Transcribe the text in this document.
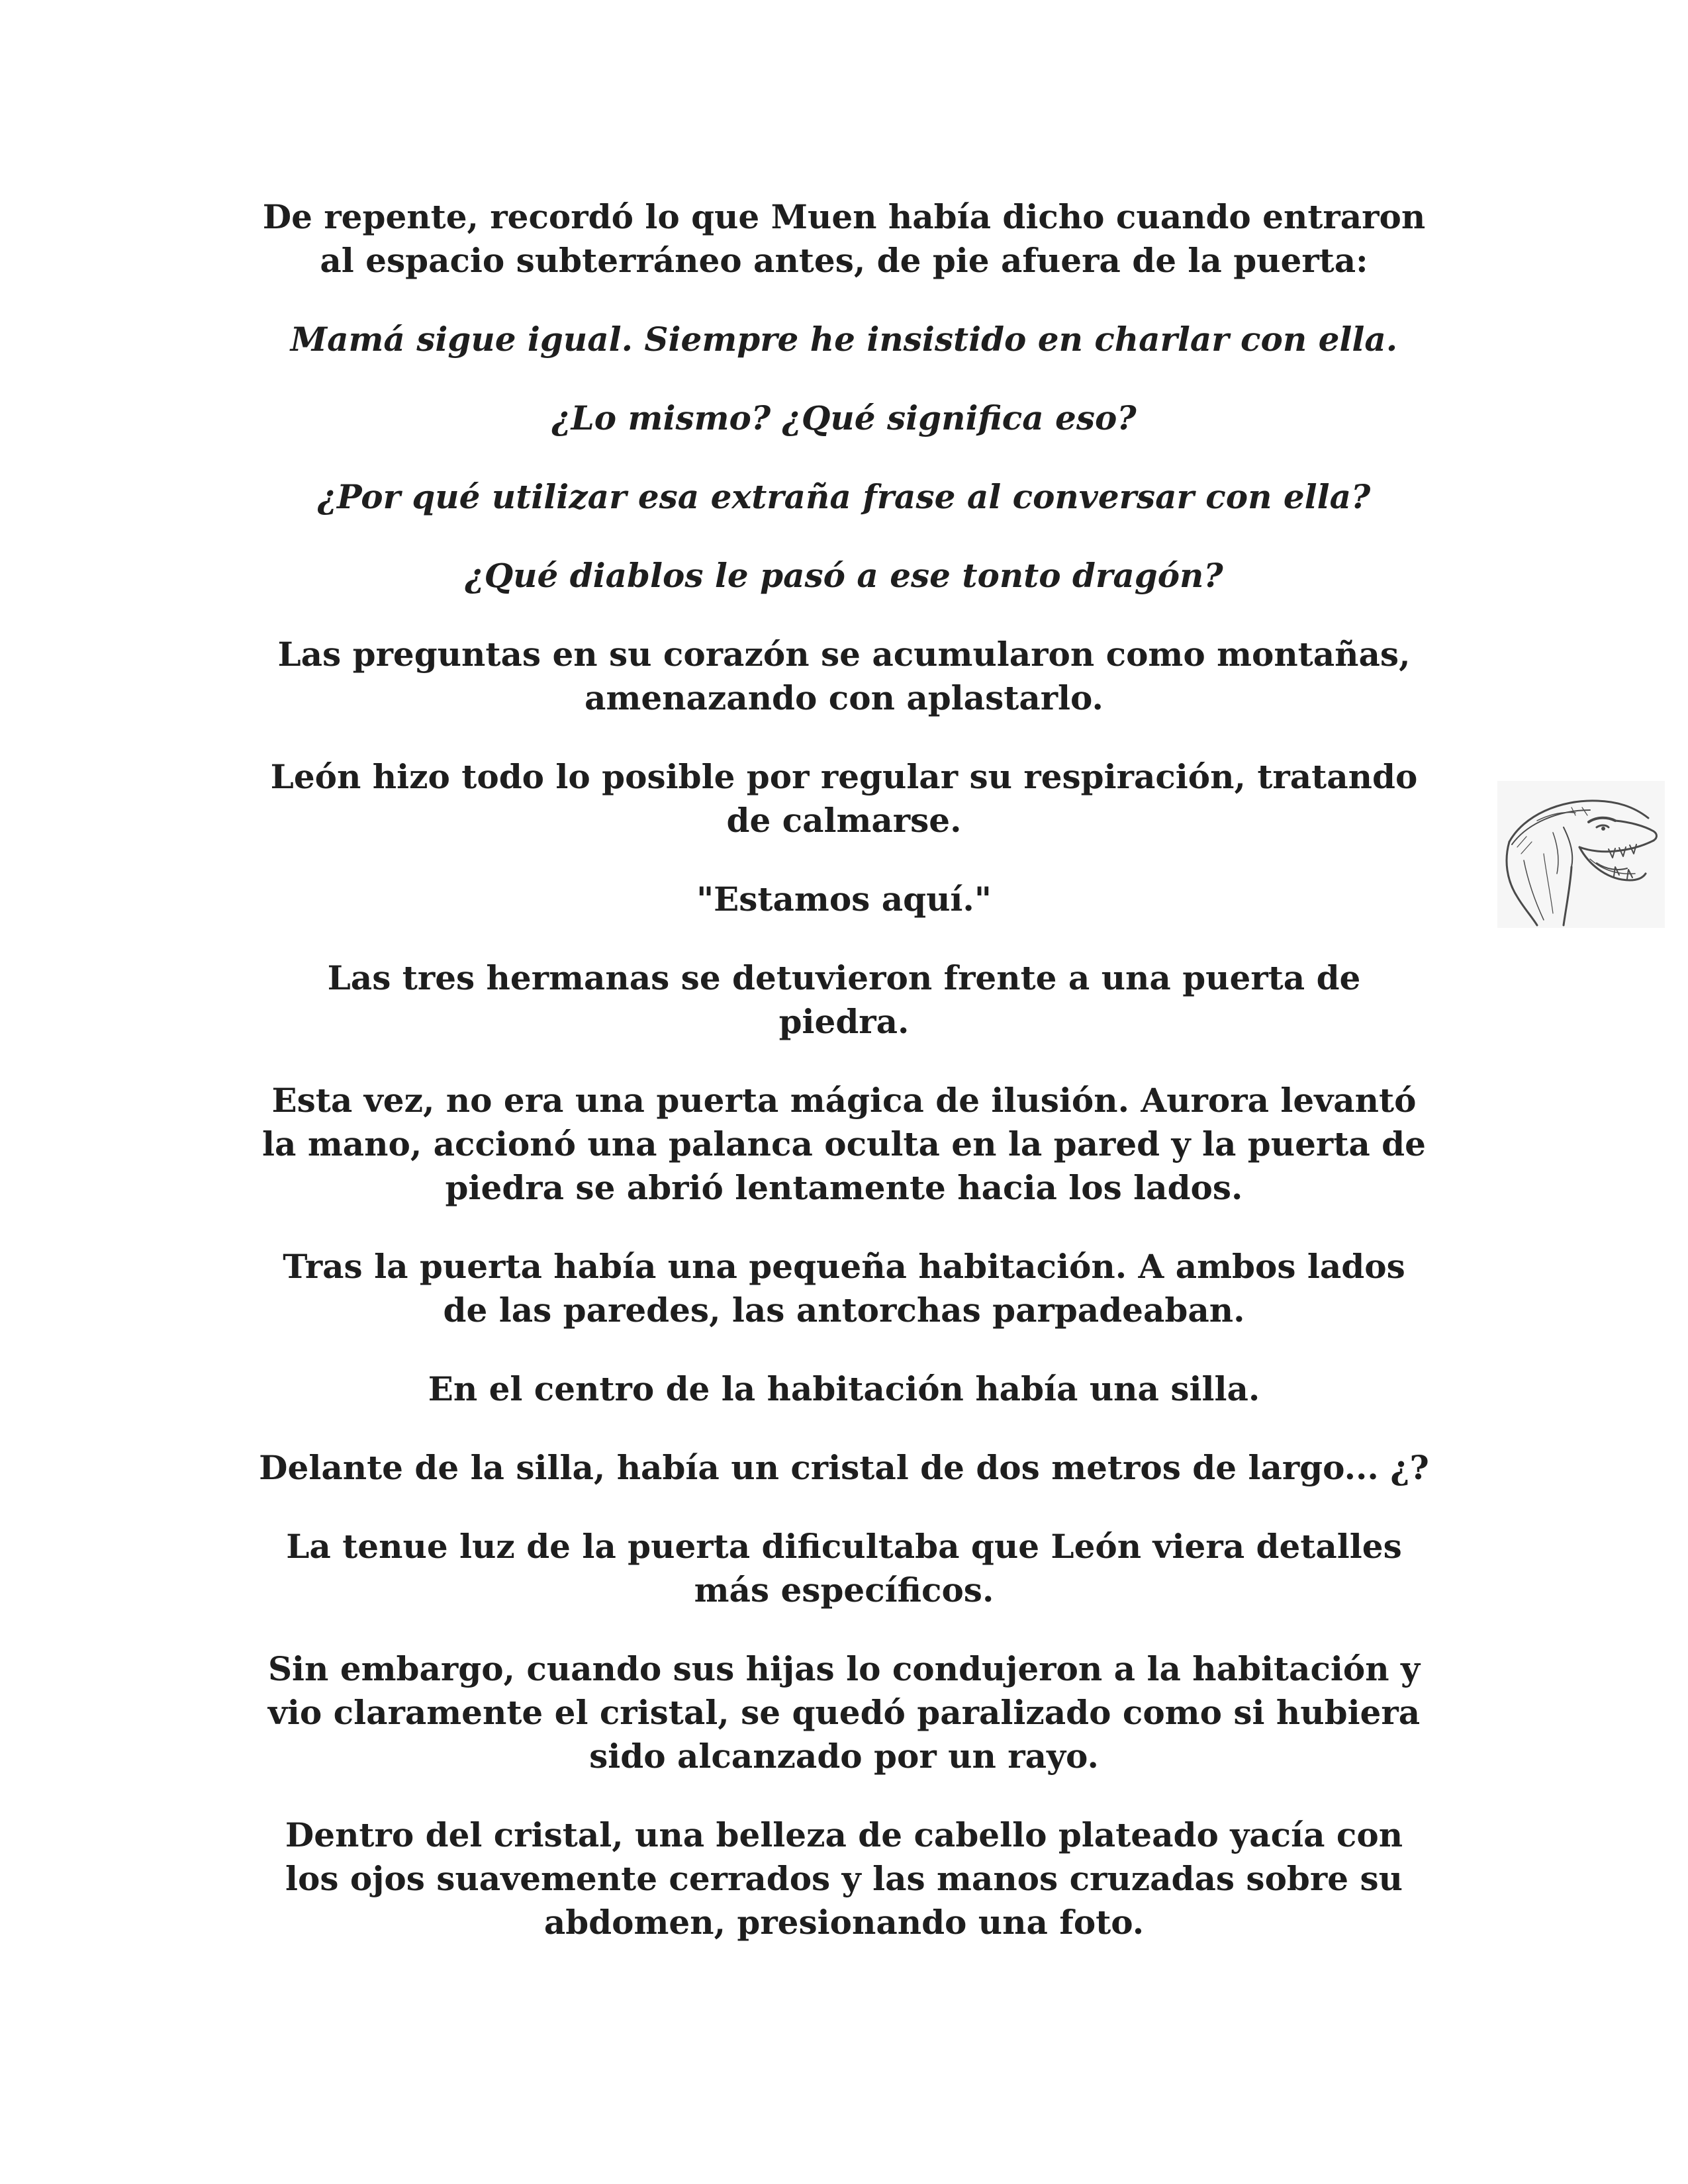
De repente, recordó lo que Muen había dicho cuando entraron
al espacio subterráneo antes, de pie afuera de la puerta:

Mamá sigue igual. Siempre he insistido en charlar con ella.

¿Lo mismo? ¿Qué significa eso?

¿Por qué utilizar esa extraña frase al conversar con ella?

¿Qué diablos le pasó a ese tonto dragón?

Las preguntas en su corazón se acumularon como montañas,
amenazando con aplastarlo.

León hizo todo lo posible por regular su respiración, tratando
de calmarse.

"Estamos aquí."

Las tres hermanas se detuvieron frente a una puerta de
piedra.

Esta vez, no era una puerta mágica de ilusión. Aurora levantó
la mano, accionó una palanca oculta en la pared y la puerta de
piedra se abrió lentamente hacia los lados.

Tras la puerta había una pequeña habitación. A ambos lados
de las paredes, las antorchas parpadeaban.

En el centro de la habitación había una silla.

Delante de la silla, había un cristal de dos metros de largo... ¿?

La tenue luz de la puerta dificultaba que León viera detalles
más específicos.

Sin embargo, cuando sus hijas lo condujeron a la habitación y
vio claramente el cristal, se quedó paralizado como si hubiera
sido alcanzado por un rayo.

Dentro del cristal, una belleza de cabello plateado yacía con
los ojos suavemente cerrados y las manos cruzadas sobre su
abdomen, presionando una foto.
